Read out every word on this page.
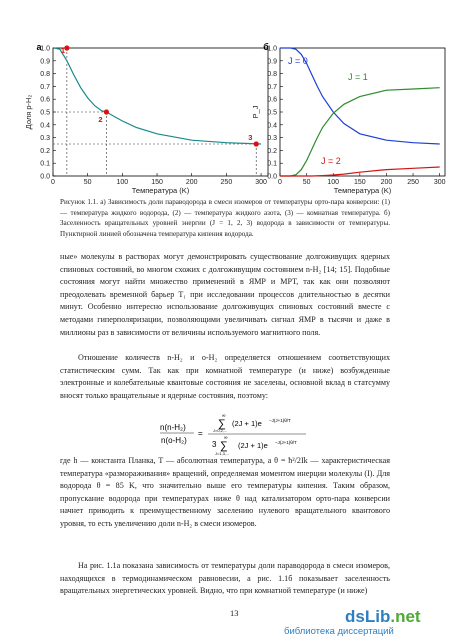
0.0
0.1
0.2
0.3
0.4
0.5
0.6
0.7
0.8
0.9
1.0
0	50	100	150	200	250	300
Температура (K)
Доля р-H₂
а	1
2
3
0.0
0.1
0.2
0.3
0.4
0.5
0.6
0.7
0.8
0.9
1.0
0	50 100 150 200 250 300
Температура (K)
P_J
б
J = 0
J = 1
J = 2
Рисунок 1.1. а) Зависимость доли параводорода в смеси изомеров от температуры орто-пара конверсии: (1) — температура жидкого водорода, (2) — температура жидкого азота, (3) — комнатная температура. б) Заселенность вращательных уровней энергии (J = 1, 2, 3) водорода в зависимости от температуры. Пунктирной линией обозначена температура кипения водорода.
ные» молекулы в растворах могут демонстрировать существование долгоживущих ядерных спиновых состояний, во многом схожих с долгоживущим состоянием n-H₂ [14; 15]. Подобные состояния могут найти множество применений в ЯМР и МРТ, так как они позволяют преодолевать временной барьер T₁ при исследовании процессов длительностью в десятки минут. Особенно интересно использование долгоживущих спиновых состояний вместе с методами гиперполяризации, позволяющими увеличивать сигнал ЯМР в тысячи и даже в миллионы раз в зависимости от величины используемого магнитного поля.
Отношение количеств n-H₂ и o-H₂ определяется отношением соответствующих статистическим сумм. Так как при комнатной температуре (и ниже) возбужденные электронные и колебательные квантовые состояния не заселены, основной вклад в статсумму вносят только вращательные и ядерные состояния, поэтому:
n(n-H₂)
n(o-H₂)
=
∞
∑
J=0,2,...
(2J + 1)e −J(J+1)θ/T
3
∞
∑
J=1,3,...
(2J + 1)e −J(J+1)θ/T
где h — константа Планка, T — абсолютная температура, а θ = ħ²/2Ik — характеристическая температура «размораживания» вращений, определяемая моментом инерции молекулы (I). Для водорода θ = 85 K, что значительно выше его температуры кипения. Таким образом, пропускание водорода при температурах ниже θ над катализатором орто-пара конверсии начнет приводить к преимущественному заселению нулевого вращательного квантового уровня, то есть увеличению доли n-H₂ в смеси изомеров.
На рис. 1.1а показана зависимость от температуры доли параводорода в смеси изомеров, находящихся в термодинамическом равновесии, а рис. 1.1б показывает заселенность вращательных энергетических уровней. Видно, что при комнатной температуре (и ниже)
13	dsLib.net
библиотека диссертаций
